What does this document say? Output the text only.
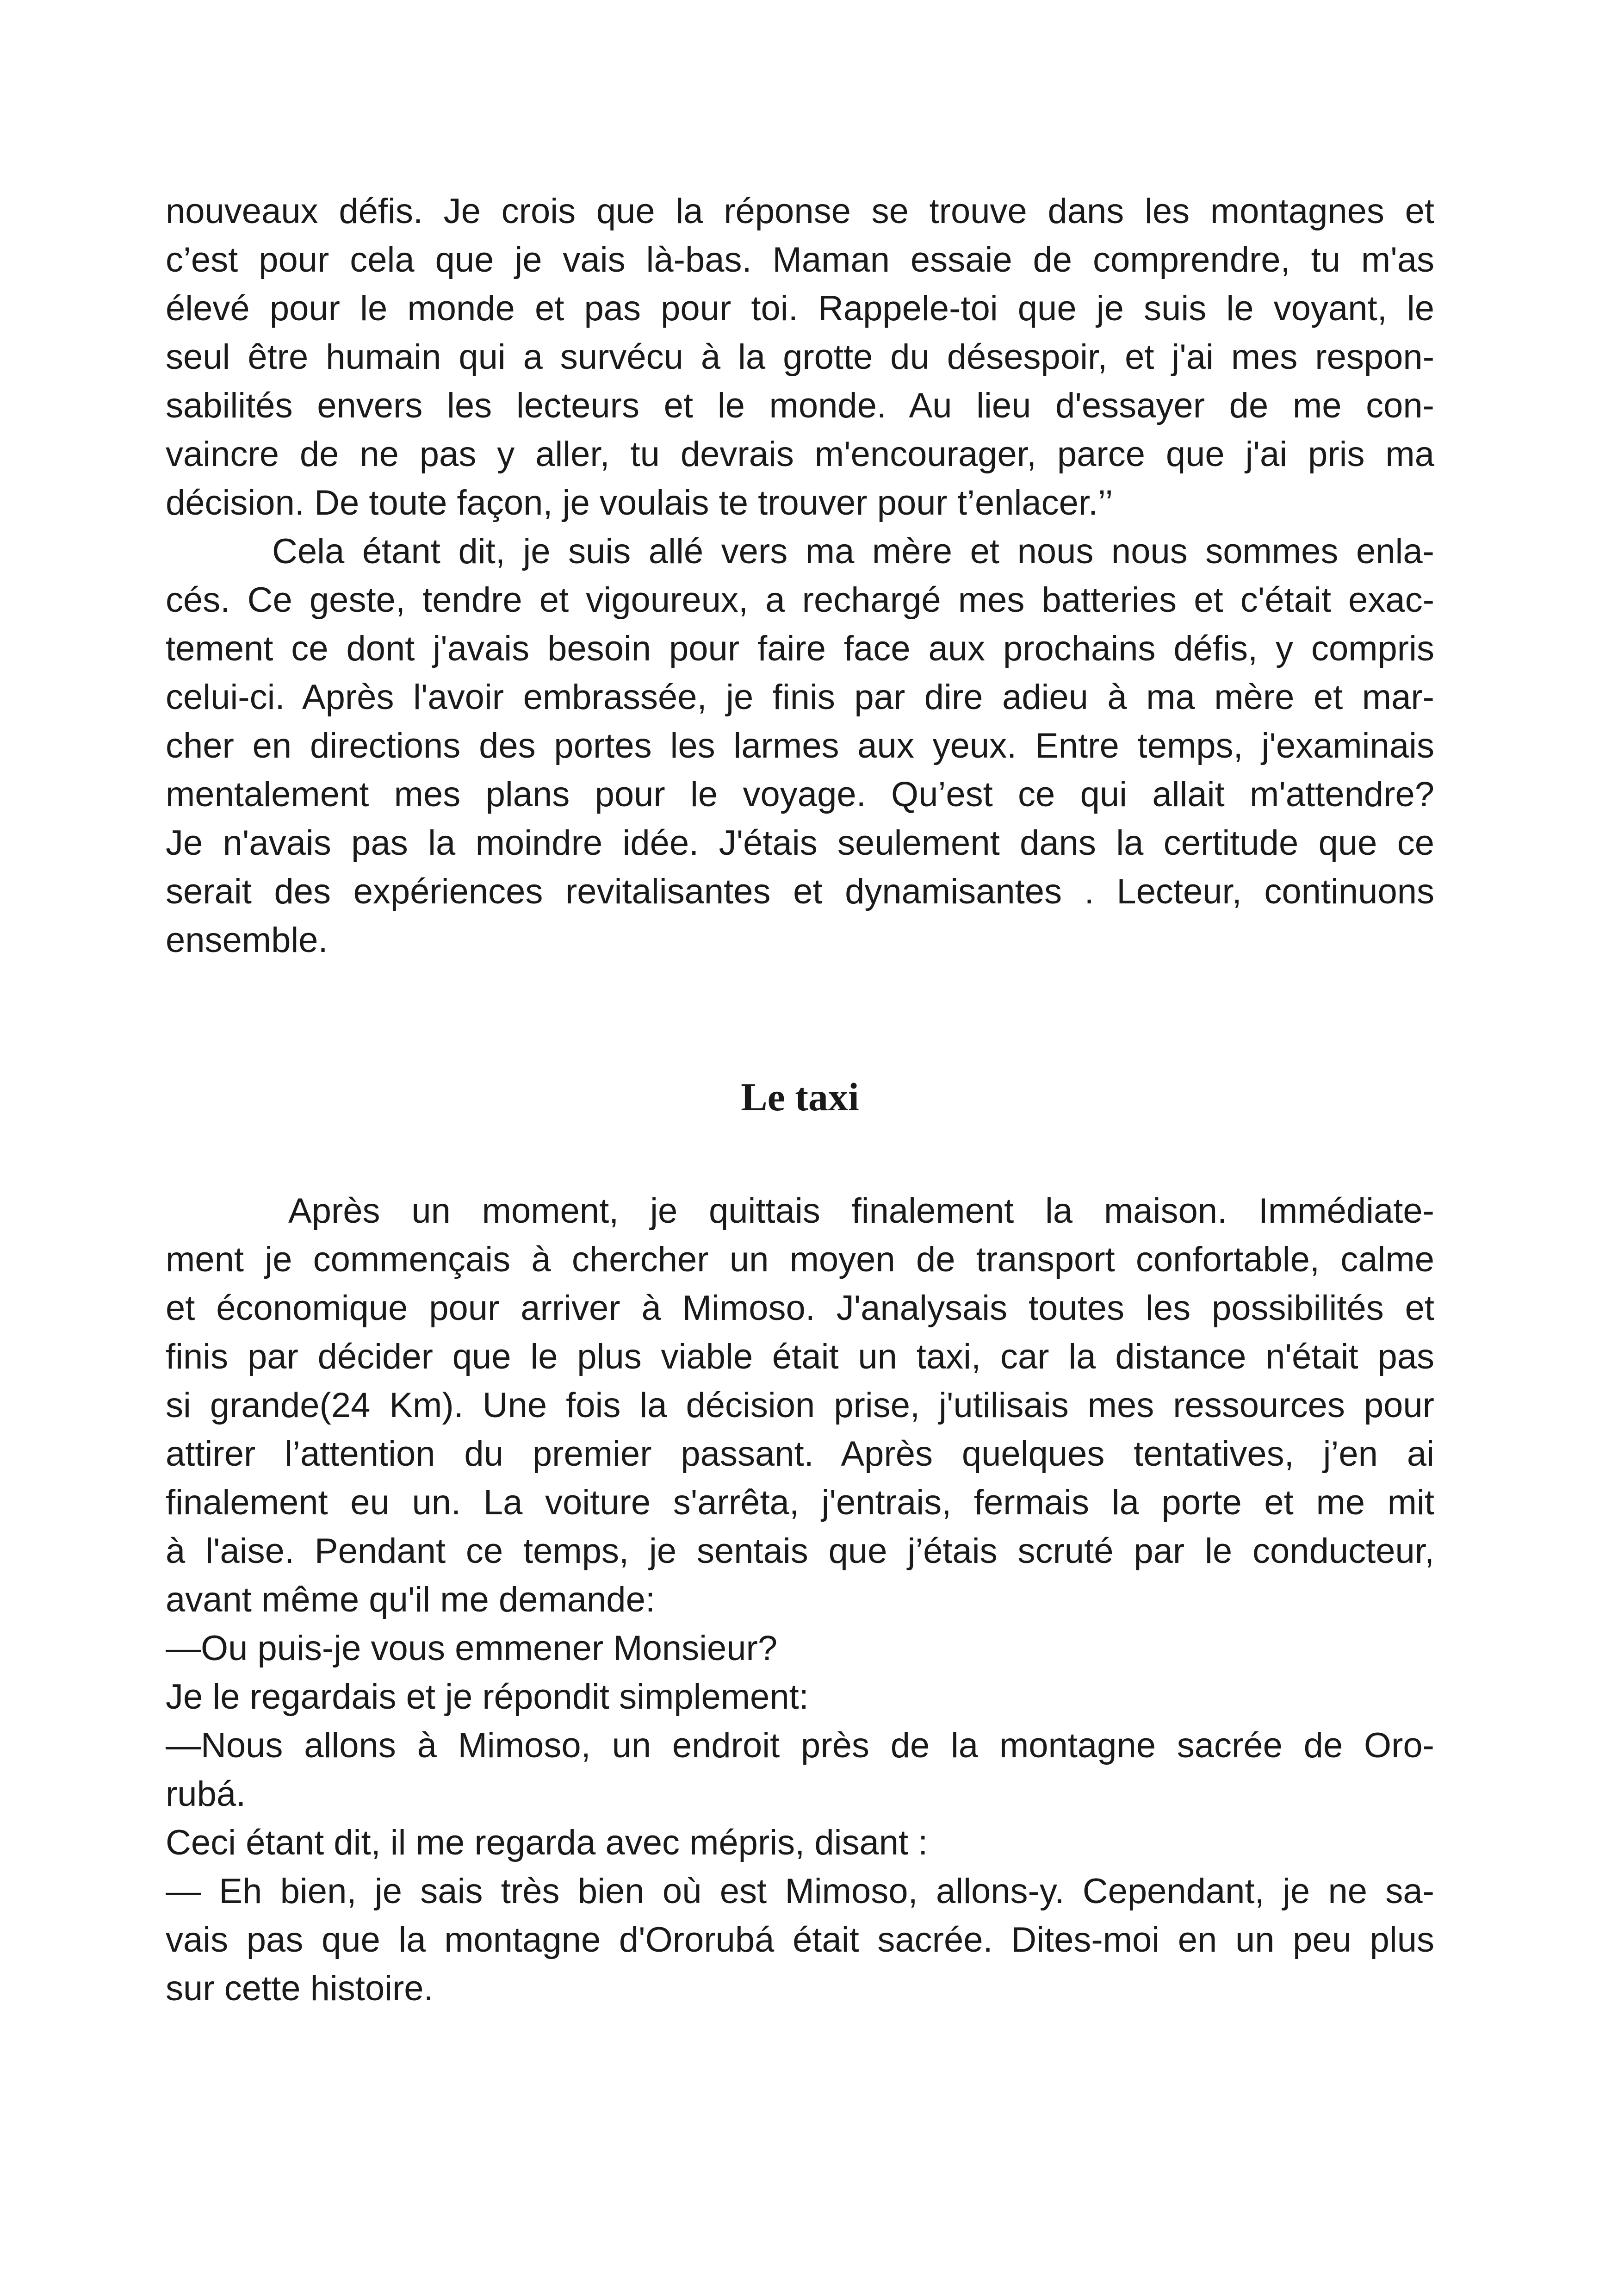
nouveaux défis. Je crois que la réponse se trouve dans les montagnes et
c’est pour cela que je vais là-bas. Maman essaie de comprendre, tu m'as
élevé pour le monde et pas pour toi. Rappele-toi que je suis le voyant, le
seul être humain qui a survécu à la grotte du désespoir, et j'ai mes respon-
sabilités envers les lecteurs et le monde. Au lieu d'essayer de me con-
vaincre de ne pas y aller, tu devrais m'encourager, parce que j'ai pris ma
décision. De toute façon, je voulais te trouver pour t’enlacer.’’
Cela étant dit, je suis allé vers ma mère et nous nous sommes enla-
cés. Ce geste, tendre et vigoureux, a rechargé mes batteries et c'était exac-
tement ce dont j'avais besoin pour faire face aux prochains défis, y compris
celui-ci. Après l'avoir embrassée, je finis par dire adieu à ma mère et mar-
cher en directions des portes les larmes aux yeux. Entre temps, j'examinais
mentalement mes plans pour le voyage. Qu’est ce qui allait m'attendre?
Je n'avais pas la moindre idée. J'étais seulement dans la certitude que ce
serait des expériences revitalisantes et dynamisantes . Lecteur, continuons
ensemble.
Le taxi
Après un moment, je quittais finalement la maison. Immédiate-
ment je commençais à chercher un moyen de transport confortable, calme
et économique pour arriver à Mimoso. J'analysais toutes les possibilités et
finis par décider que le plus viable était un taxi, car la distance n'était pas
si grande(24 Km). Une fois la décision prise, j'utilisais mes ressources pour
attirer l’attention du premier passant. Après quelques tentatives, j’en ai
finalement eu un. La voiture s'arrêta, j'entrais, fermais la porte et me mit
à l'aise. Pendant ce temps, je sentais que j’étais scruté par le conducteur,
avant même qu'il me demande:
—Ou puis-je vous emmener Monsieur?
Je le regardais et je répondit simplement:
—Nous allons à Mimoso, un endroit près de la montagne sacrée de Oro-
rubá.
Ceci étant dit, il me regarda avec mépris, disant :
— Eh bien, je sais très bien où est Mimoso, allons-y. Cependant, je ne sa-
vais pas que la montagne d'Ororubá était sacrée. Dites-moi en un peu plus
sur cette histoire.
